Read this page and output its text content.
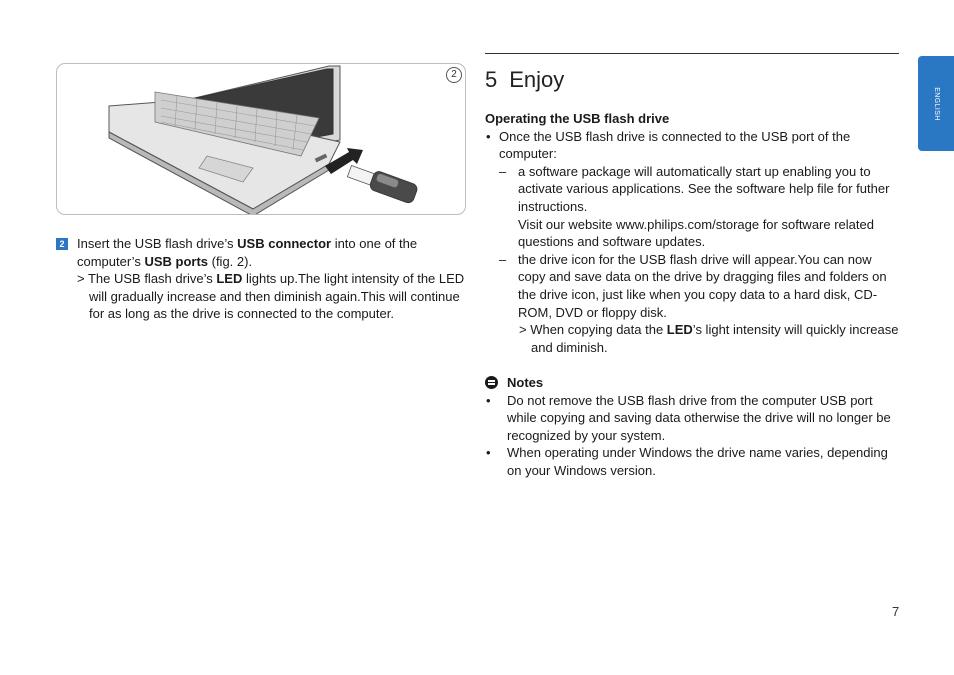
2
2 Insert the USB flash drive’s USB connector into one of the computer’s USB ports (fig. 2).
> The USB flash drive’s LED lights up.The light intensity of the LED will gradually increase and then diminish again.This will continue for as long as the drive is connected to the computer.
5 Enjoy

Operating the USB flash drive

• Once the USB flash drive is connected to the USB port of the computer:
– a software package will automatically start up enabling you to activate various applications. See the software help file for futher instructions.
Visit our website www.philips.com/storage for software related questions and software updates.
– the drive icon for the USB flash drive will appear.You can now copy and save data on the drive by dragging files and folders on the drive icon, just like when you copy data to a hard disk, CD-ROM, DVD or floppy disk.
> When copying data the LED’s light intensity will quickly increase and diminish.
Notes
• Do not remove the USB flash drive from the computer USB port while copying and saving data otherwise the drive will no longer be recognized by your system.
• When operating under Windows the drive name varies, depending on your Windows version.
ENGLISH
7
